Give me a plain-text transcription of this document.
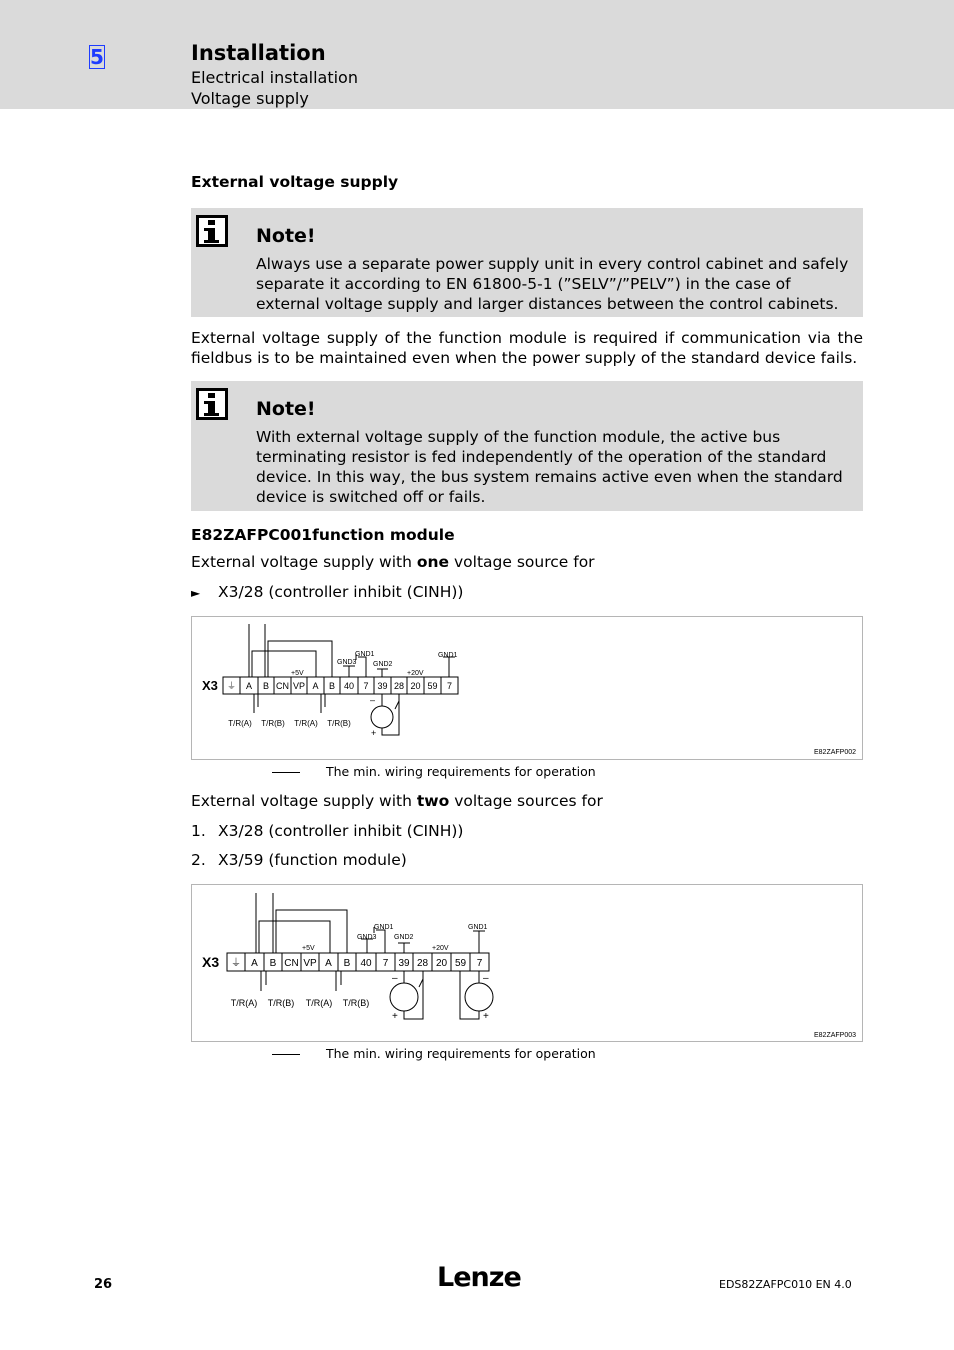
5	Installation
Electrical installation
Voltage supply
External voltage supply
Note!
Always use a separate power supply unit in every control cabinet and safely separate it according to EN 61800-5-1 (”SELV”/”PELV”) in the case of external voltage supply and larger distances between the control cabinets.
External voltage supply of the function module is required if communication via the fieldbus is to be maintained even when the power supply of the standard device fails.
Note!
With external voltage supply of the function module, the active bus terminating resistor is fed independently of the operation of the standard device. In this way, the bus system remains active even when the standard device is switched off or fails.
E82ZAFPC001function module
External voltage supply with one voltage source for
► X3/28 (controller inhibit (CINH))
GND1
GND3 GND2
GND1
+5V	+20V
X3 ⏚ A B CN VP A B 40 7 39 28 20 59 7
T/R(A) T/R(B) T/R(A) T/R(B)
–
+
E82ZAFP002
The min. wiring requirements for operation
External voltage supply with two voltage sources for
1. X3/28 (controller inhibit (CINH))
2. X3/59 (function module)
GND1
GND3	GND2
GND1
+5V	+20V
X3 ⏚ A B CN VP A B 40 7 39 28 20 59 7
T/R(A) T/R(B) T/R(A) T/R(B)
–
+
–
+
E82ZAFP003
The min. wiring requirements for operation
26	Lenze	EDS82ZAFPC010 EN 4.0
